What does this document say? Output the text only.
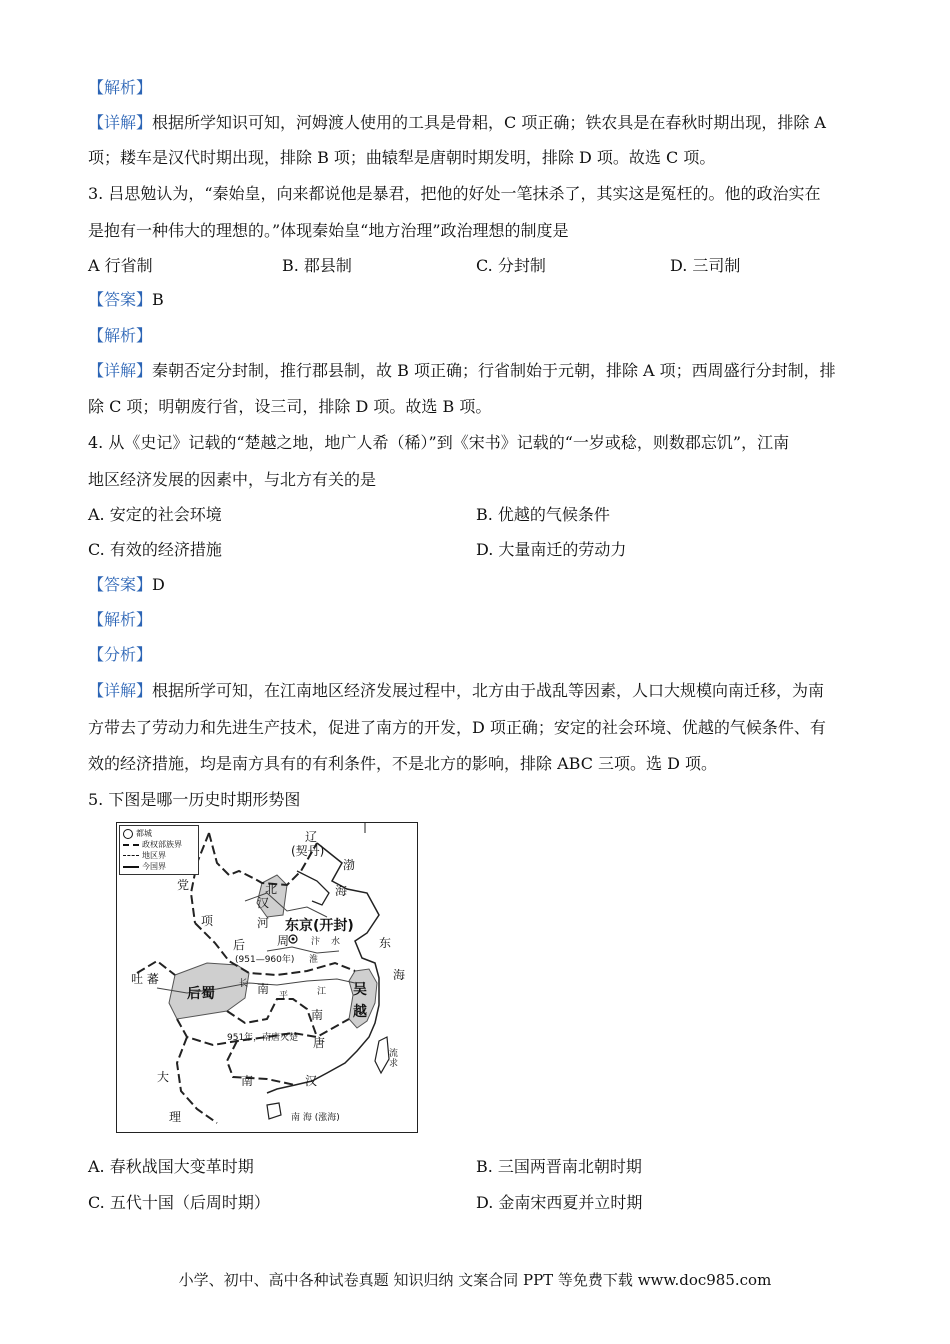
【解析】
【详解】根据所学知识可知，河姆渡人使用的工具是骨耜，C 项正确；铁农具是在春秋时期出现，排除 A
项；耧车是汉代时期出现，排除 B 项；曲辕犁是唐朝时期发明，排除 D 项。故选 C 项。
3. 吕思勉认为，“秦始皇，向来都说他是暴君，把他的好处一笔抹杀了，其实这是冤枉的。他的政治实在
是抱有一种伟大的理想的。”体现秦始皇“地方治理”政治理想的制度是
A 行省制	B. 郡县制	C. 分封制	D. 三司制
【答案】B
【解析】
【详解】秦朝否定分封制，推行郡县制，故 B 项正确；行省制始于元朝，排除 A 项；西周盛行分封制，排
除 C 项；明朝废行省，设三司，排除 D 项。故选 B 项。
4. 从《史记》记载的“楚越之地，地广人希（稀）”到《宋书》记载的“一岁或稔，则数郡忘饥”，江南
地区经济发展的因素中，与北方有关的是
A. 安定的社会环境	B. 优越的气候条件
C. 有效的经济措施	D. 大量南迁的劳动力
【答案】D
【解析】
【分析】
【详解】根据所学可知，在江南地区经济发展过程中，北方由于战乱等因素，人口大规模向南迁移，为南
方带去了劳动力和先进生产技术，促进了南方的开发，D 项正确；安定的社会环境、优越的气候条件、有
效的经济措施，均是南方具有的有利条件，不是北方的影响，排除 ABC 三项。选 D 项。
5. 下图是哪一历史时期形势图
都城
政权部族界
地区界
今国界
辽
(契丹)
渤
海
党
项
北
汉
河 东京(开封)
汴 水	东
后	周
(951—960年) 淮
吐 蕃
后蜀
长 南 平	江 吴
越
海
南
唐
951年，南唐灭楚
流
求
大
理
南	汉
南 海 (涨海)
A. 春秋战国大变革时期	B. 三国两晋南北朝时期
C. 五代十国（后周时期）	D. 金南宋西夏并立时期
小学、初中、高中各种试卷真题 知识归纳 文案合同 PPT 等免费下载 www.doc985.com
